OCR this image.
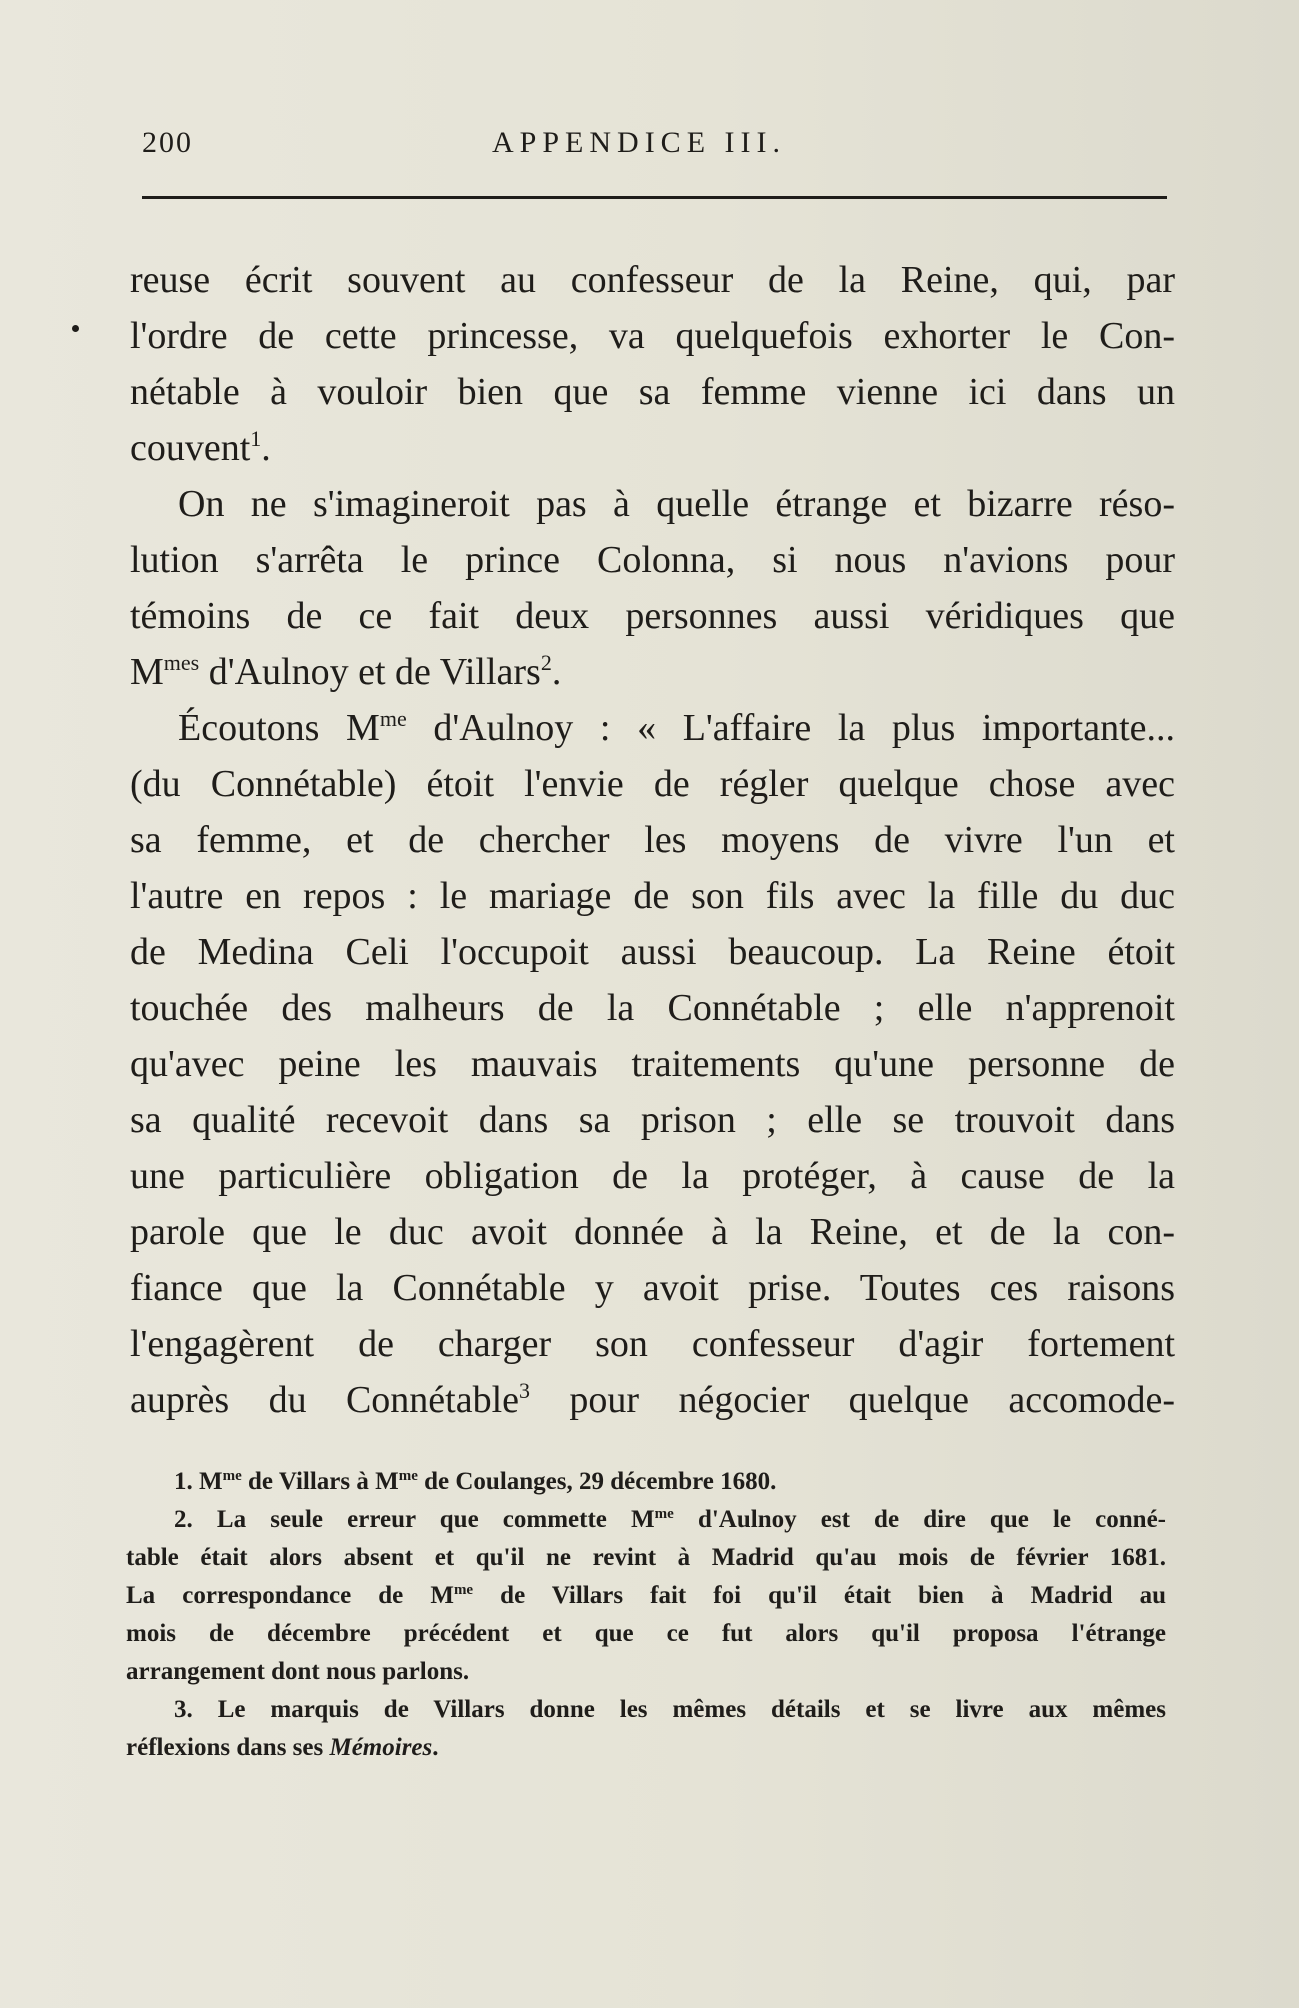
200	APPENDICE III.
reuse écrit souvent au confesseur de la Reine, qui, par
l'ordre de cette princesse, va quelquefois exhorter le Con-
nétable à vouloir bien que sa femme vienne ici dans un
couvent$^1$.
On ne s'imagineroit pas à quelle étrange et bizarre réso-
lution s'arrêta le prince Colonna, si nous n'avions pour
témoins de ce fait deux personnes aussi véridiques que
$M^{mes}$ d'Aulnoy et de Villars$^2$.
Écoutons $M^{me}$ d'Aulnoy : « L'affaire la plus importante...
(du Connétable) étoit l'envie de régler quelque chose avec
sa femme, et de chercher les moyens de vivre l'un et
l'autre en repos : le mariage de son fils avec la fille du duc
de Medina Celi l'occupoit aussi beaucoup. La Reine étoit
touchée des malheurs de la Connétable ; elle n'apprenoit
qu'avec peine les mauvais traitements qu'une personne de
sa qualité recevoit dans sa prison ; elle se trouvoit dans
une particulière obligation de la protéger, à cause de la
parole que le duc avoit donnée à la Reine, et de la con-
fiance que la Connétable y avoit prise. Toutes ces raisons
l'engagèrent de charger son confesseur d'agir fortement
auprès du Connétable$^3$ pour négocier quelque accomode-
1. M$^{me}$ de Villars à M$^{me}$ de Coulanges, 29 décembre 1680.
2. La seule erreur que commette M$^{me}$ d'Aulnoy est de dire que le conné-
table était alors absent et qu'il ne revint à Madrid qu'au mois de février 1681.
La correspondance de M$^{me}$ de Villars fait foi qu'il était bien à Madrid au
mois de décembre précédent et que ce fut alors qu'il proposa l'étrange
arrangement dont nous parlons.
3. Le marquis de Villars donne les mêmes détails et se livre aux mêmes
réflexions dans ses Mémoires.
